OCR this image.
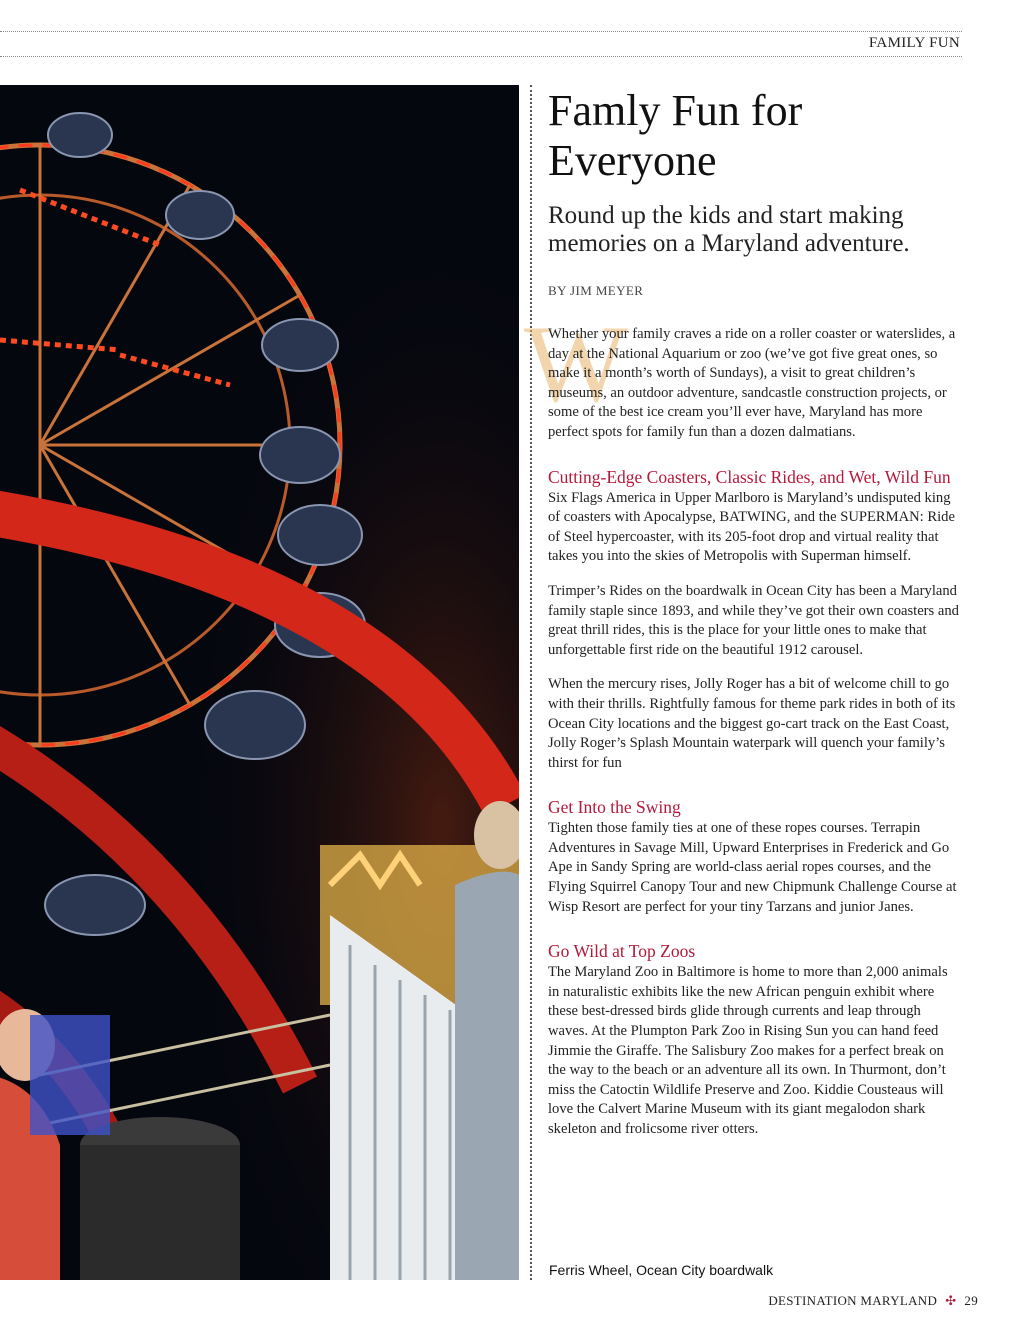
FAMILY FUN
Famly Fun for Everyone

Round up the kids and start making memories on a Maryland adventure.

BY JIM MEYER
W

Whether your family craves a ride on a roller coaster or waterslides, a day at the National Aquarium or zoo (we’ve got five great ones, so make it a month’s worth of Sundays), a visit to great children’s museums, an outdoor adventure, sandcastle construction projects, or some of the best ice cream you’ll ever have, Maryland has more perfect spots for family fun than a dozen dalmatians.

Cutting-Edge Coasters, Classic Rides, and Wet, Wild Fun

Six Flags America in Upper Marlboro is Maryland’s undisputed king of coasters with Apocalypse, BATWING, and the SUPERMAN: Ride of Steel hypercoaster, with its 205-foot drop and virtual reality that takes you into the skies of Metropolis with Superman himself.

Trimper’s Rides on the boardwalk in Ocean City has been a Maryland family staple since 1893, and while they’ve got their own coasters and great thrill rides, this is the place for your little ones to make that unforgettable first ride on the beautiful 1912 carousel.

When the mercury rises, Jolly Roger has a bit of welcome chill to go with their thrills. Rightfully famous for theme park rides in both of its Ocean City locations and the biggest go-cart track on the East Coast, Jolly Roger’s Splash Mountain waterpark will quench your family’s thirst for fun

Get Into the Swing

Tighten those family ties at one of these ropes courses. Terrapin Adventures in Savage Mill, Upward Enterprises in Frederick and Go Ape in Sandy Spring are world-class aerial ropes courses, and the Flying Squirrel Canopy Tour and new Chipmunk Challenge Course at Wisp Resort are perfect for your tiny Tarzans and junior Janes.

Go Wild at Top Zoos

The Maryland Zoo in Baltimore is home to more than 2,000 animals in naturalistic exhibits like the new African penguin exhibit where these best-dressed birds glide through currents and leap through waves. At the Plumpton Park Zoo in Rising Sun you can hand feed Jimmie the Giraffe. The Salisbury Zoo makes for a perfect break on the way to the beach or an adventure all its own. In Thurmont, don’t miss the Catoctin Wildlife Preserve and Zoo. Kiddie Cousteaus will love the Calvert Marine Museum with its giant megalodon shark skeleton and frolicsome river otters.

Ferris Wheel, Ocean City boardwalk
DESTINATION MARYLAND ✣ 29
